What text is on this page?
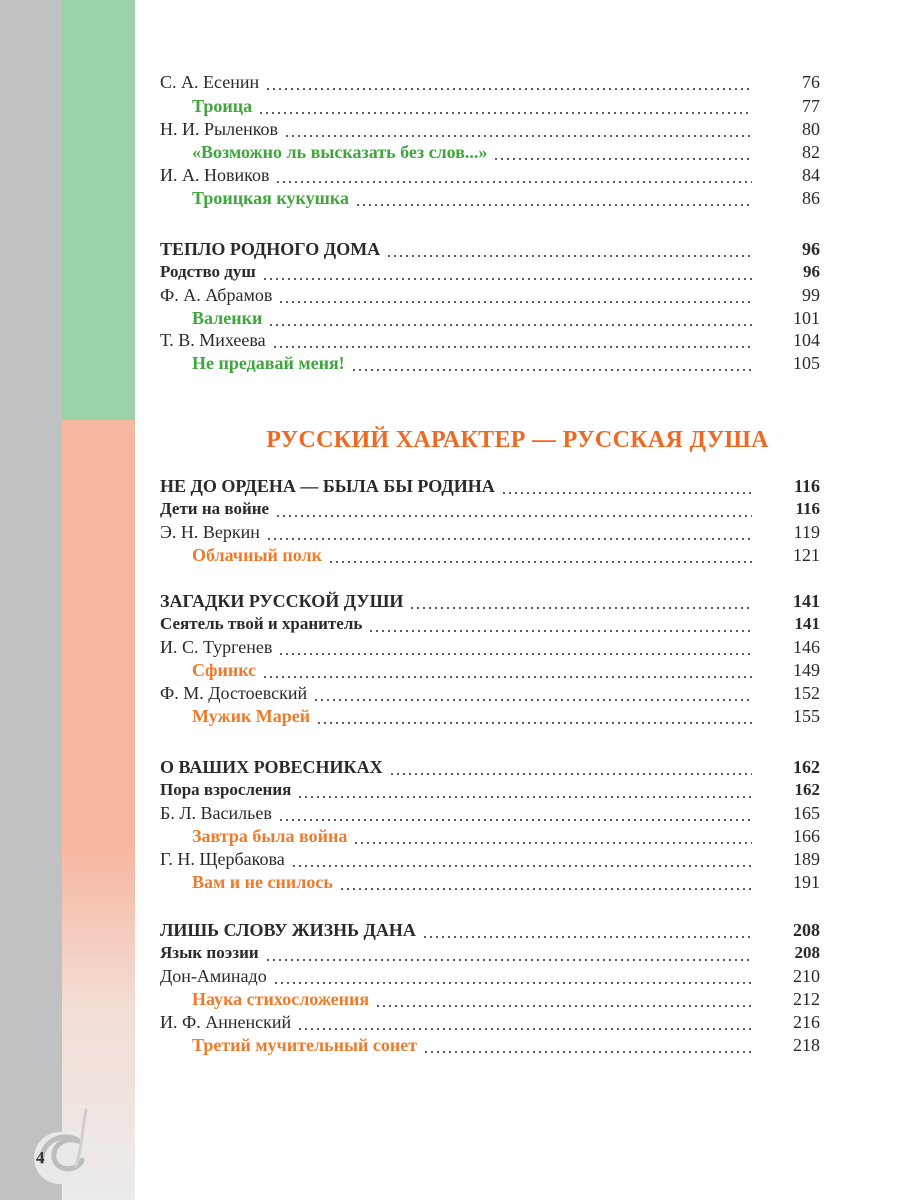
4
С. А. Есенин	76
Троица	77
Н. И. Рыленков	80
«Возможно ль высказать без слов...»	82
И. А. Новиков	84
Троицкая кукушка	86
ТЕПЛО РОДНОГО ДОМА	96
Родство душ	96
Ф. А. Абрамов	99
Валенки	101
Т. В. Михеева	104
Не предавай меня!	105
РУССКИЙ ХАРАКТЕР — РУССКАЯ ДУША
НЕ ДО ОРДЕНА — БЫЛА БЫ РОДИНА	116
Дети на войне	116
Э. Н. Веркин	119
Облачный полк	121
ЗАГАДКИ РУССКОЙ ДУШИ	141
Сеятель твой и хранитель	141
И. С. Тургенев	146
Сфинкс	149
Ф. М. Достоевский	152
Мужик Марей	155
О ВАШИХ РОВЕСНИКАХ	162
Пора взросления	162
Б. Л. Васильев	165
Завтра была война	166
Г. Н. Щербакова	189
Вам и не снилось	191
ЛИШЬ СЛОВУ ЖИЗНЬ ДАНА	208
Язык поэзии	208
Дон-Аминадо	210
Наука стихосложения	212
И. Ф. Анненский	216
Третий мучительный сонет	218
